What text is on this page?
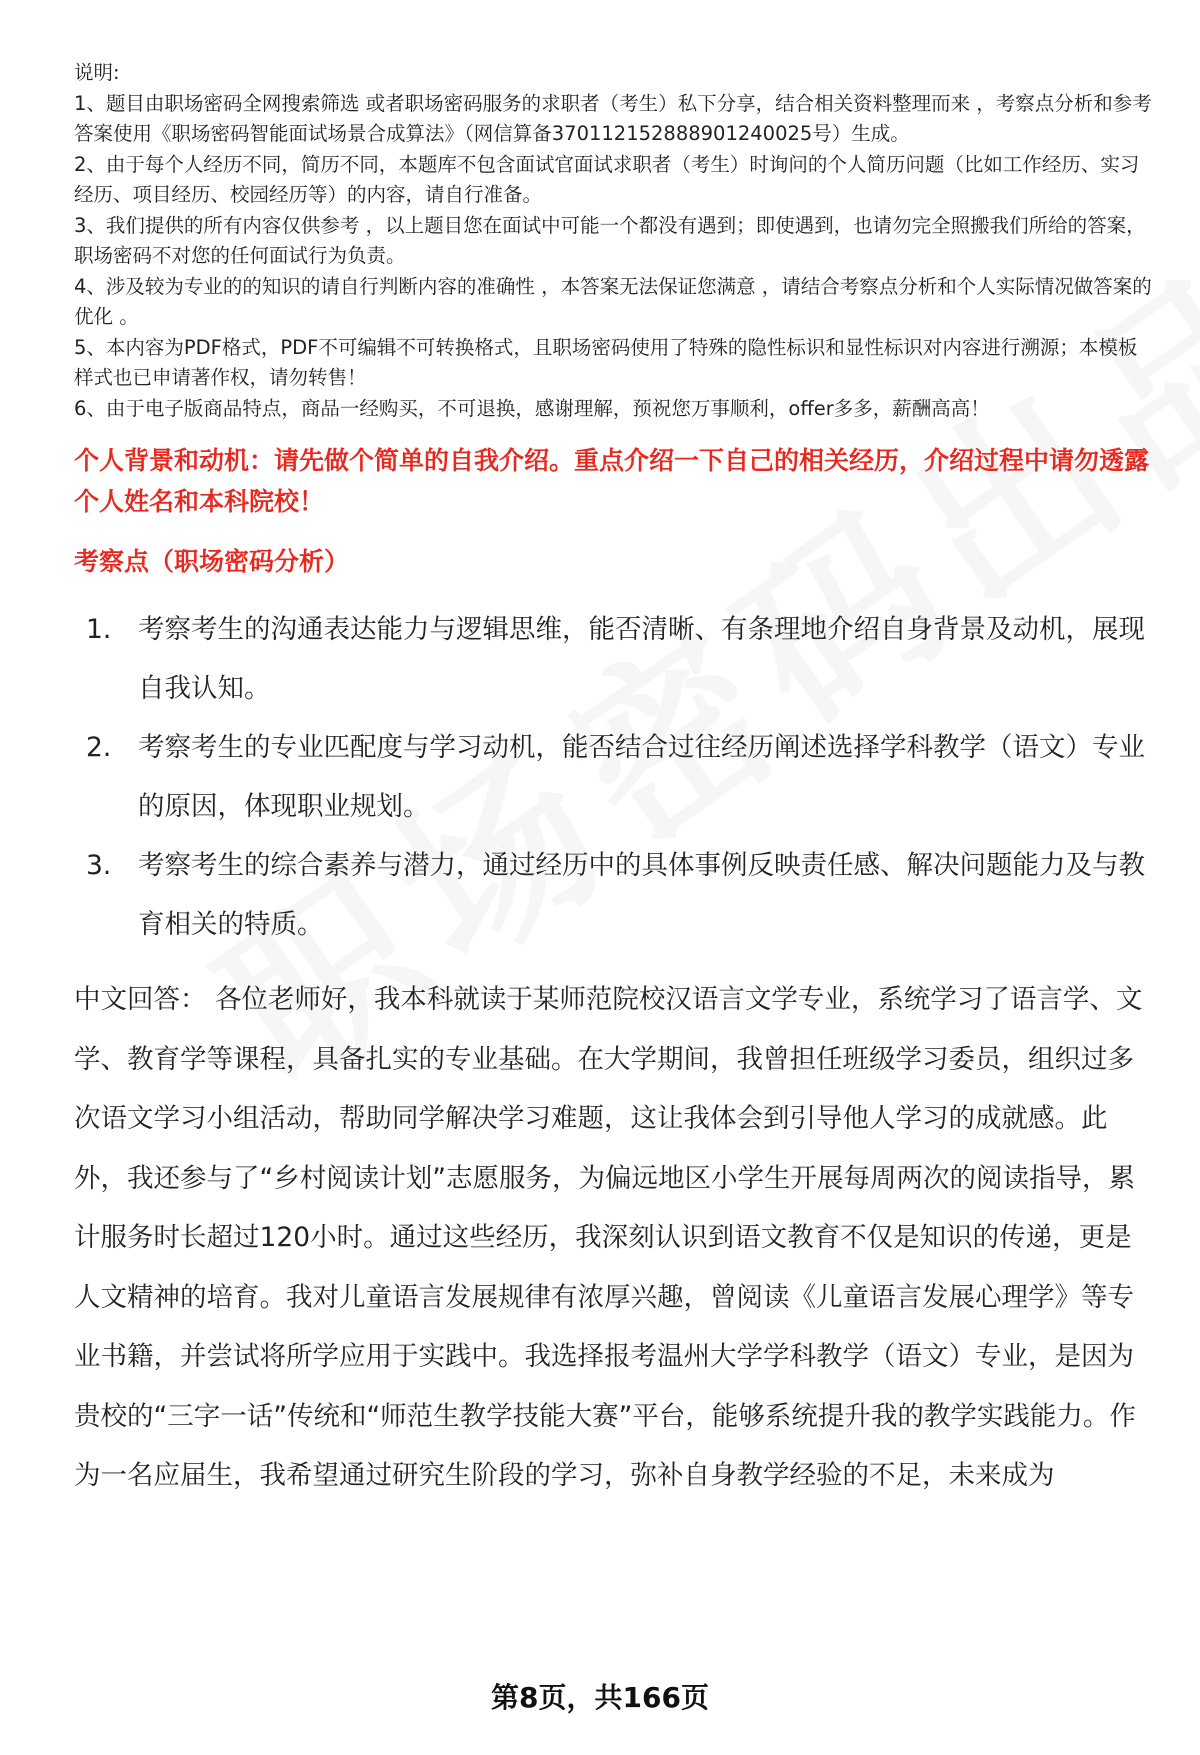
说明:

1、题目由职场密码全网搜索筛选 或者职场密码服务的求职者（考生）私下分享，结合相关资料整理而来 ，考察点分析和参考答案使用《职场密码智能面试场景合成算法》（网信算备370112152888901240025号）生成。

2、由于每个人经历不同，简历不同，本题库不包含面试官面试求职者（考生）时询问的个人简历问题（比如工作经历、实习经历、项目经历、校园经历等）的内容，请自行准备。

3、我们提供的所有内容仅供参考 ，以上题目您在面试中可能一个都没有遇到；即使遇到，也请勿完全照搬我们所给的答案，职场密码不对您的任何面试行为负责。

4、涉及较为专业的的知识的请自行判断内容的准确性 ，本答案无法保证您满意 ，请结合考察点分析和个人实际情况做答案的优化 。

5、本内容为PDF格式，PDF不可编辑不可转换格式，且职场密码使用了特殊的隐性标识和显性标识对内容进行溯源；本模板样式也已申请著作权，请勿转售！

6、由于电子版商品特点，商品一经购买，不可退换，感谢理解，预祝您万事顺利，offer多多，薪酬高高！

个人背景和动机：请先做个简单的自我介绍。重点介绍一下自己的相关经历，介绍过程中请勿透露个人姓名和本科院校！
考察点（职场密码分析）
1.	考察考生的沟通表达能力与逻辑思维，能否清晰、有条理地介绍自身背景及动机，展现自我认知。
2.	考察考生的专业匹配度与学习动机，能否结合过往经历阐述选择学科教学（语文）专业的原因，体现职业规划。
3.	考察考生的综合素养与潜力，通过经历中的具体事例反映责任感、解决问题能力及与教育相关的特质。
中文回答： 各位老师好，我本科就读于某师范院校汉语言文学专业，系统学习了语言学、文学、教育学等课程，具备扎实的专业基础。在大学期间，我曾担任班级学习委员，组织过多次语文学习小组活动，帮助同学解决学习难题，这让我体会到引导他人学习的成就感。此外，我还参与了“乡村阅读计划”志愿服务，为偏远地区小学生开展每周两次的阅读指导，累计服务时长超过120小时。通过这些经历，我深刻认识到语文教育不仅是知识的传递，更是人文精神的培育。我对儿童语言发展规律有浓厚兴趣，曾阅读《儿童语言发展心理学》等专业书籍，并尝试将所学应用于实践中。我选择报考温州大学学科教学（语文）专业，是因为贵校的“三字一话”传统和“师范生教学技能大赛”平台，能够系统提升我的教学实践能力。作为一名应届生，我希望通过研究生阶段的学习，弥补自身教学经验的不足，未来成为
第8页，共166页
